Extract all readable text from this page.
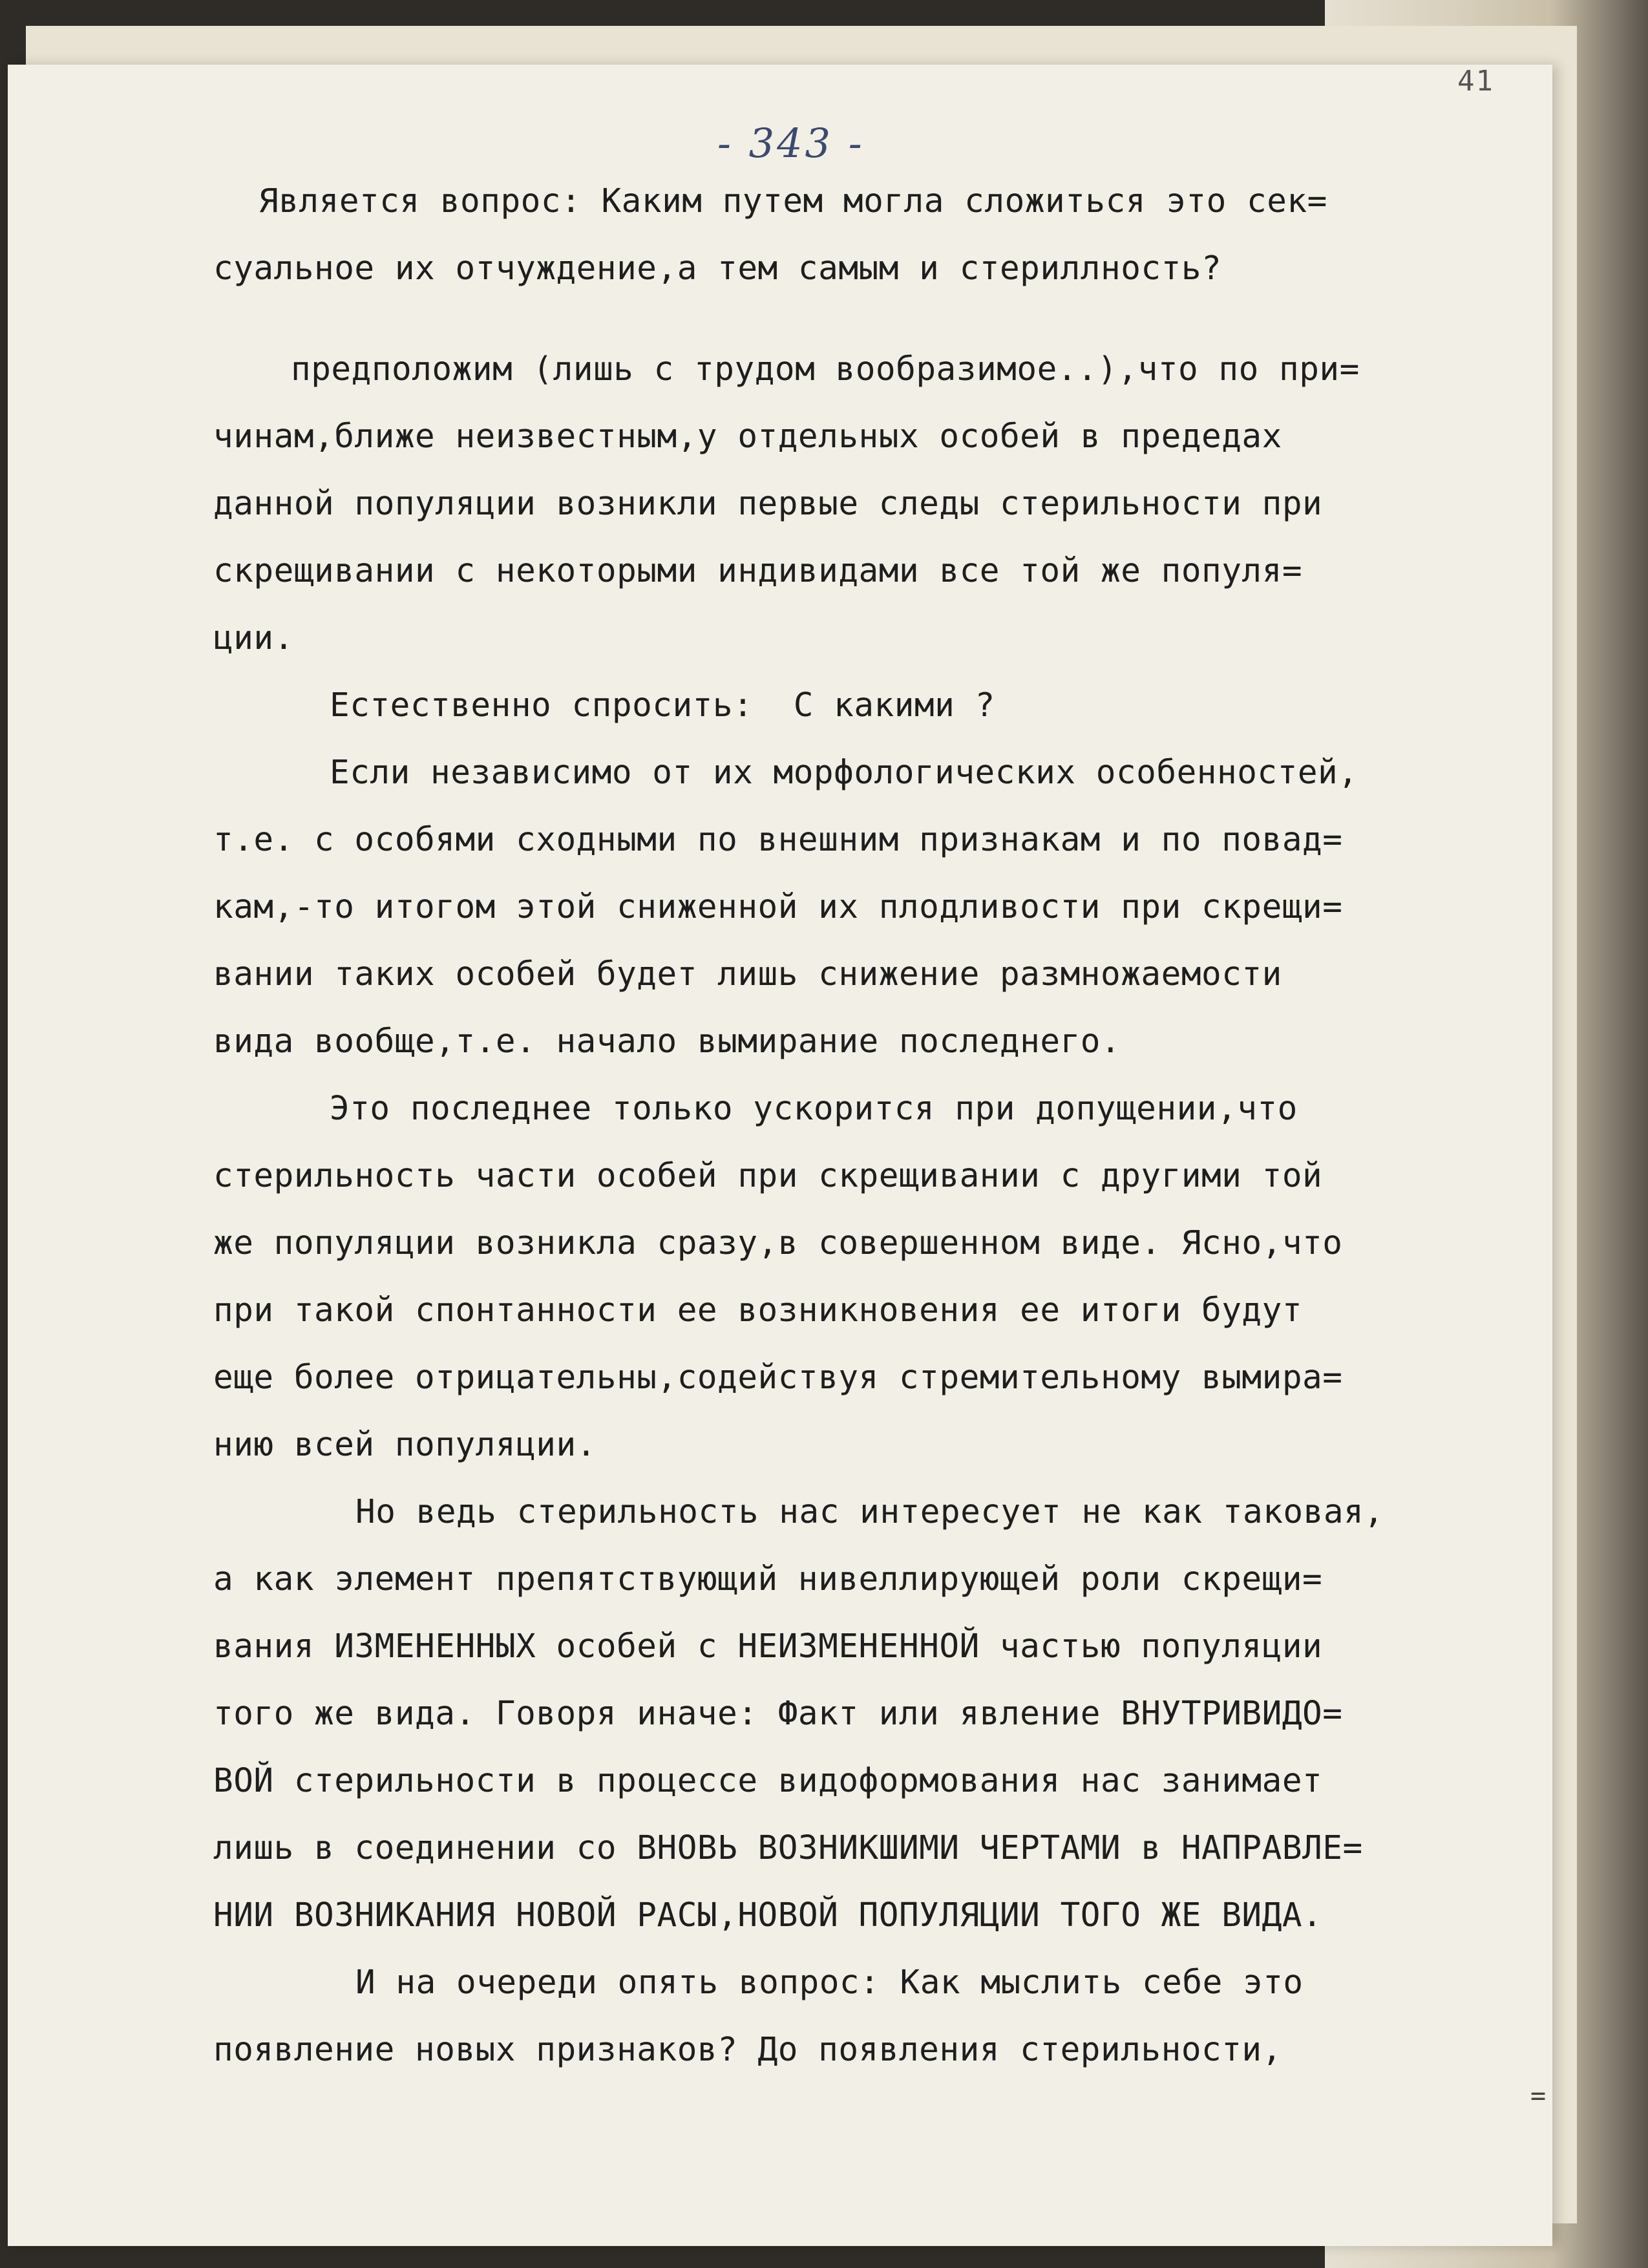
41
- 343 -
Является вопрос: Каким путем могла сложиться это сек=
суальное их отчуждение,а тем самым и стериллность?
предположим (лишь с трудом вообразимое..),что по при=
чинам,ближе неизвестным,у отдельных особей в предедах
данной популяции возникли первые следы стерильности при
скрещивании с некоторыми индивидами все той же популя=
ции.
Естественно спросить:  С какими ?
Если независимо от их морфологических особенностей,
т.е. с особями сходными по внешним признакам и по повад=
кам,-то итогом этой сниженной их плодливости при скрещи=
вании таких особей будет лишь снижение размножаемости
вида вообще,т.е. начало вымирание последнего.
Это последнее только ускорится при допущении,что
стерильность части особей при скрещивании с другими той
же популяции возникла сразу,в совершенном виде. Ясно,что
при такой спонтанности ее возникновения ее итоги будут
еще более отрицательны,содействуя стремительному вымира=
нию всей популяции.
Но ведь стерильность нас интересует не как таковая,
а как элемент препятствующий нивеллирующей роли скрещи=
вания ИЗМЕНЕННЫХ особей с НЕИЗМЕНЕННОЙ частью популяции
того же вида. Говоря иначе: Факт или явление ВНУТРИВИДО=
ВОЙ стерильности в процессе видоформования нас занимает
лишь в соединении со ВНОВЬ ВОЗНИКШИМИ ЧЕРТАМИ в НАПРАВЛЕ=
НИИ ВОЗНИКАНИЯ НОВОЙ РАСЫ,НОВОЙ ПОПУЛЯЦИИ ТОГО ЖЕ ВИДА.
И на очереди опять вопрос: Как мыслить себе это
появление новых признаков? До появления стерильности,
=
